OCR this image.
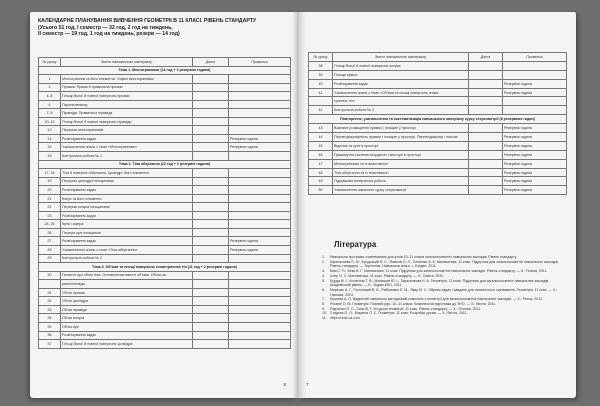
КАЛЕНДАРНЕ ПЛАНУВАННЯ ВИВЧЕННЯ ГЕОМЕТРІЇ В 11 КЛАСІ. РІВЕНЬ СТАНДАРТУ
(Усього 51 год, І семестр — 32 год, 2 год на тиждень,
ІІ семестр — 19 год, 1 год на тиждень, резерв — 14 год)
№ уроку	Зміст навчального матеріалу	Дата	Примітки
Тема 1. Многогранники (14 год + 2 резервна година)			
1	Многогранник та його елементи. Опуклі многогранники		
2	Призма. Пряма й правильна призми		
4–5	Площі бічної й повної поверхонь призми		
6	Паралелепіпед		
7–9	Піраміда. Правильна піраміда		
10–12	Площі бічної й повної поверхонь піраміди		
13	Перерізи многогранників		
14	Розв'язування задач		Резервна година
15	Узагальнення знань з теми «Многогранники»		Резервна година
16	Контрольна робота № 1		
Тема 2. Тіла обертання (12 год + 2 резервні години)			
17, 18	Тіла й поверхні обертання. Циліндр і його елементи		
19	Перерізи циліндра площинами		
20	Розв'язування задач		
21	Конус та його елементи		
22	Перерізи конуса площинами		
23	Розв'язування задач		
24, 25	Куля і сфера		
26	Переріз кулі площиною		
27	Розв'язування задач		Резервна година
28	Узагальнення знань з теми «Тіла обертання»		Резервна година
29	Контрольна робота № 2		
Тема 3. Об'єми та площі поверхонь геометричних тіл (11 год + 2 резервні години)			
30	Поняття про об'єм тіла. Основні властивості об'ємів. Об'єм па-		
	ралелепіпеда		
31	Об'єм призми		
32	Об'єм циліндра		
33	Об'єм піраміди		
34	Об'єм конуса		
35	Об'єм кулі		
36	Розв'язування задач		
37	Площі бічної й повної поверхонь циліндра		
6
№ уроку	Зміст навчального матеріалу	Дата	Примітки
38	Площі бічної й повної поверхонь конуса		
39	Площа сфери		
40	Розв'язування задач		Резервна година
41	Узагальнення знань з теми «Об'єми та площі поверхонь геоме-		Резервна година
	тричних тіл»		
42	Контрольна робота № 3		
Повторення, узагальнення та систематизація навчального матеріалу курсу стереометрії (8 резервних годин)			
43	Взаємне розміщення прямих і площин у просторі		Резервна година
44	Перпендикулярність прямих і площин у просторі. Перпендикуляр і похила		Резервна година
45	Відстані та кути в просторі		Резервна година
46	Прямокутна система координат і вектори в просторі		Резервна година
47	Многогранники та їх властивості		Резервна година
48	Тіла обертання та їх властивості		Резервна година
49	Підсумкова контрольна робота		Резервна година
50	Узагальнення шкільного курсу стереометрії		Резервна година
Література
1.	Навчальна програма з математики для учнів 10–11 класів загальноосвітніх навчальних закладів. Рівень стандарту.
2.	Афанасьєва О. М., Бродський Я. С., Павлов О. Л., Сліпенко А. К. Математика, 11 клас: Підручник для загальноосвітніх навчальних закладів. Рівень стандарту. — Тернопіль: Навчальна книга — Богдан, 2011.
3.	Бевз Г. П., Бевз В. Г. Математика, 11 клас: Підручник для загальноосвітніх навчальних закладів. Рівень стандарту. — К.: Генеза, 2011.
4.	Істер О. С. Математика, 11 клас. Рівень стандарту. — К.: Освіта, 2011.
5.	Бурда М. І., Колесник Т. В., Малишев Ю. І., Тарасенкова Н. А. Геометрія, 11 клас: Підручник для загальноосвітніх навчальних закладів. Академічний рівень. — К.: Зодіак-ЕКО, 2011.
6.	Мерзляк А. Г., Полонский В. Б., Рабинович Е. М., Якир М. С. Збірник задач і завдань для тематичного оцінювання. Геометрія, 11 клас. — Х.: Гімназія, 2003.
7.	Єршова А. П. Відкритий навчально-методичний комплекс з геометрії для загальноосвітніх навчальних закладів. — Х.: Ранок, 2012.
8.	Роганін О. М. Геометрія. Повний курс. 10–11 класи: Комплексна підготовка до ЗНО. — Х.: Веста, 2011.
9.	Радченко О. С., Сизо В. Г. Усі уроки геометрії. 11 клас. Рівень стандарту. — Х.: Основа, 2011.
10. Стадник О. О., Марюна О. С. Геометрія. 11 клас: Розробки уроків. — Х.: Веста, 2011.
11. https://urok-ua.com
7
